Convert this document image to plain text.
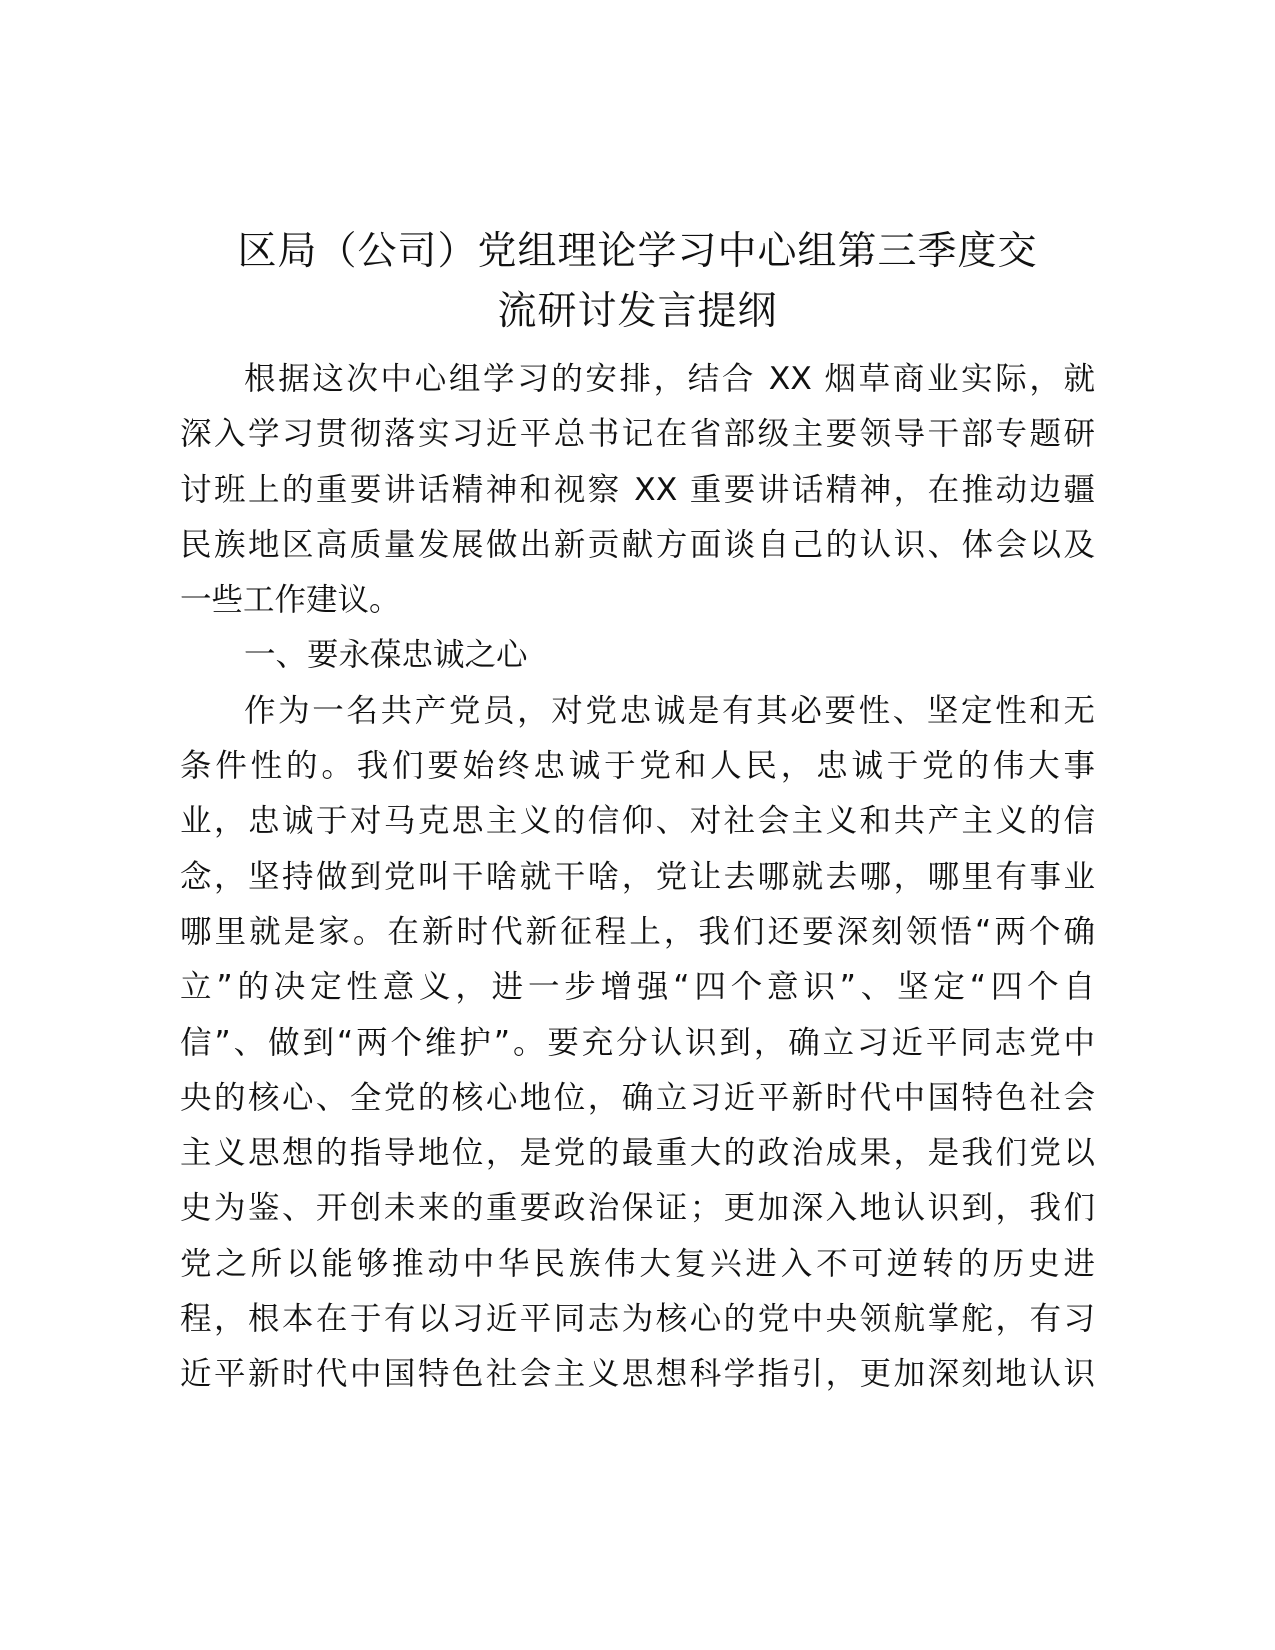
区局（公司）党组理论学习中心组第三季度交
流研讨发言提纲
根据这次中心组学习的安排，结合 XX 烟草商业实际，就
深入学习贯彻落实习近平总书记在省部级主要领导干部专题研
讨班上的重要讲话精神和视察 XX 重要讲话精神，在推动边疆
民族地区高质量发展做出新贡献方面谈自己的认识、体会以及
一些工作建议。
一、要永葆忠诚之心
作为一名共产党员，对党忠诚是有其必要性、坚定性和无
条件性的。我们要始终忠诚于党和人民，忠诚于党的伟大事
业，忠诚于对马克思主义的信仰、对社会主义和共产主义的信
念，坚持做到党叫干啥就干啥，党让去哪就去哪，哪里有事业
哪里就是家。在新时代新征程上，我们还要深刻领悟“两个确
立”的决定性意义，进一步增强“四个意识”、坚定“四个自
信”、做到“两个维护”。要充分认识到，确立习近平同志党中
央的核心、全党的核心地位，确立习近平新时代中国特色社会
主义思想的指导地位，是党的最重大的政治成果，是我们党以
史为鉴、开创未来的重要政治保证；更加深入地认识到，我们
党之所以能够推动中华民族伟大复兴进入不可逆转的历史进
程，根本在于有以习近平同志为核心的党中央领航掌舵，有习
近平新时代中国特色社会主义思想科学指引，更加深刻地认识
